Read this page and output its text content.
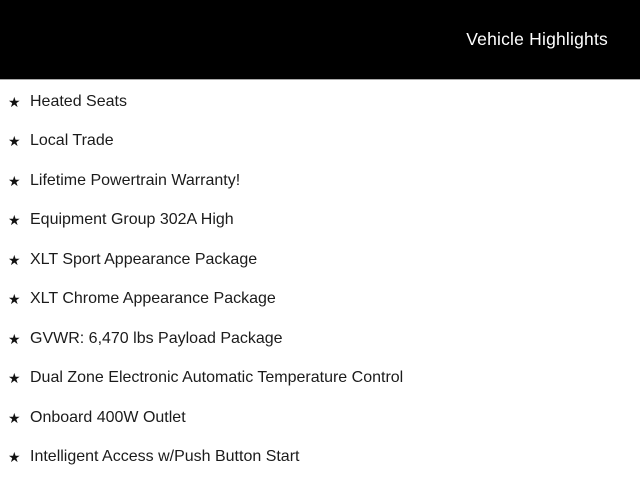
Vehicle Highlights
★ Heated Seats
★ Local Trade
★ Lifetime Powertrain Warranty!
★ Equipment Group 302A High
★ XLT Sport Appearance Package
★ XLT Chrome Appearance Package
★ GVWR: 6,470 lbs Payload Package
★ Dual Zone Electronic Automatic Temperature Control
★ Onboard 400W Outlet
★ Intelligent Access w/Push Button Start
